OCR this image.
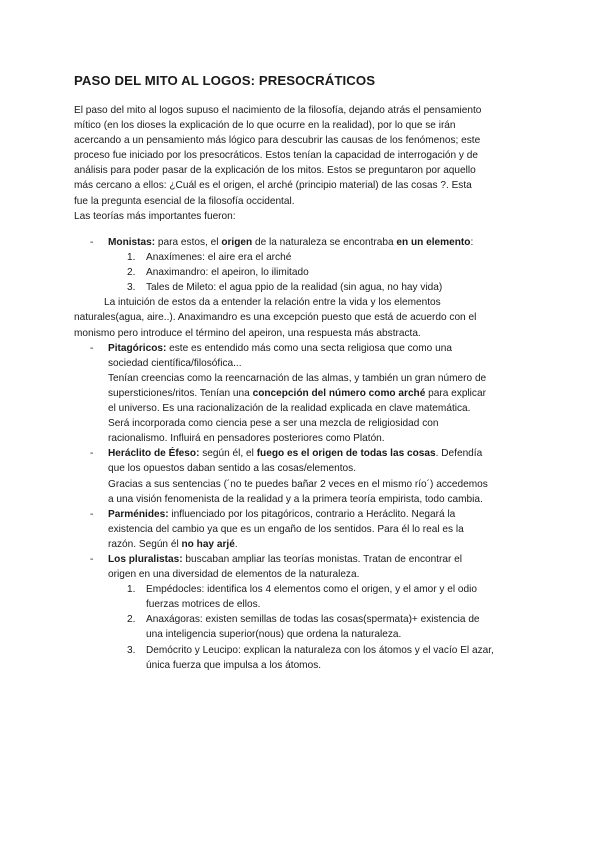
PASO DEL MITO AL LOGOS: PRESOCRÁTICOS

El paso del mito al logos supuso el nacimiento de la filosofía, dejando atrás el pensamiento

mítico (en los dioses la explicación de lo que ocurre en la realidad), por lo que se irán

acercando a un pensamiento más lógico para descubrir las causas de los fenómenos; este

proceso fue iniciado por los presocráticos. Estos tenían la capacidad de interrogación y de

análisis para poder pasar de la explicación de los mitos. Estos se preguntaron por aquello

más cercano a ellos: ¿Cuál es el origen, el arché (principio material) de las cosas ?. Esta

fue la pregunta esencial de la filosofía occidental.

Las teorías más importantes fueron:

- Monistas: para estos, el origen de la naturaleza se encontraba en un elemento:

1. Anaxímenes: el aire era el arché

2. Anaximandro: el apeiron, lo ilimitado

3. Tales de Mileto: el agua ppio de la realidad (sin agua, no hay vida)

La intuición de estos da a entender la relación entre la vida y los elementos

naturales(agua, aire..). Anaximandro es una excepción puesto que está de acuerdo con el

monismo pero introduce el término del apeiron, una respuesta más abstracta.

- Pitagóricos: este es entendido más como una secta religiosa que como una

sociedad científica/filosófica...

Tenían creencias como la reencarnación de las almas, y también un gran número de

supersticiones/ritos. Tenían una concepción del número como arché para explicar

el universo. Es una racionalización de la realidad explicada en clave matemática.

Será incorporada como ciencia pese a ser una mezcla de religiosidad con

racionalismo. Influirá en pensadores posteriores como Platón.

- Heráclito de Éfeso: según él, el fuego es el origen de todas las cosas. Defendía

que los opuestos daban sentido a las cosas/elementos.

Gracias a sus sentencias (´no te puedes bañar 2 veces en el mismo río´) accedemos

a una visión fenomenista de la realidad y a la primera teoría empirista, todo cambia.

- Parménides: influenciado por los pitagóricos, contrario a Heráclito. Negará la

existencia del cambio ya que es un engaño de los sentidos. Para él lo real es la

razón. Según él no hay arjé.

- Los pluralistas: buscaban ampliar las teorías monistas. Tratan de encontrar el

origen en una diversidad de elementos de la naturaleza.

1. Empédocles: identifica los 4 elementos como el origen, y el amor y el odio

fuerzas motrices de ellos.

2. Anaxágoras: existen semillas de todas las cosas(spermata)+ existencia de

una inteligencia superior(nous) que ordena la naturaleza.

3. Demócrito y Leucipo: explican la naturaleza con los átomos y el vacío El azar,

única fuerza que impulsa a los átomos.
